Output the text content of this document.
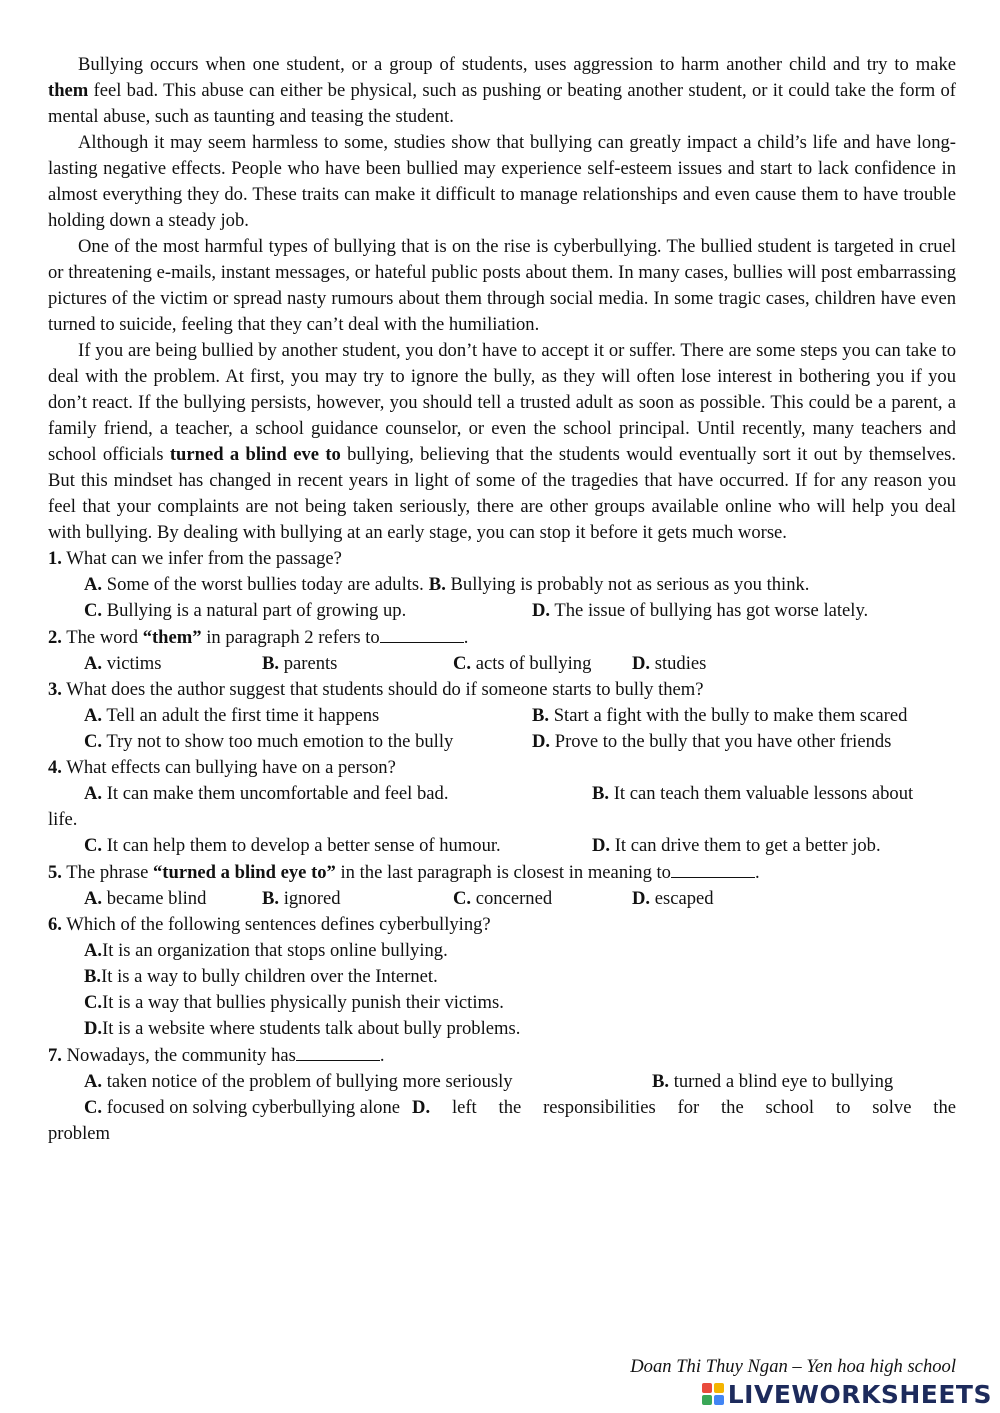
Bullying occurs when one student, or a group of students, uses aggression to harm another child and try to make them feel bad. This abuse can either be physical, such as pushing or beating another student, or it could take the form of mental abuse, such as taunting and teasing the student.

Although it may seem harmless to some, studies show that bullying can greatly impact a child’s life and have long-lasting negative effects. People who have been bullied may experience self-esteem issues and start to lack confidence in almost everything they do. These traits can make it difficult to manage relationships and even cause them to have trouble holding down a steady job.

One of the most harmful types of bullying that is on the rise is cyberbullying. The bullied student is targeted in cruel or threatening e-mails, instant messages, or hateful public posts about them. In many cases, bullies will post embarrassing pictures of the victim or spread nasty rumours about them through social media. In some tragic cases, children have even turned to suicide, feeling that they can’t deal with the humiliation.

If you are being bullied by another student, you don’t have to accept it or suffer. There are some steps you can take to deal with the problem. At first, you may try to ignore the bully, as they will often lose interest in bothering you if you don’t react. If the bullying persists, however, you should tell a trusted adult as soon as possible. This could be a parent, a family friend, a teacher, a school guidance counselor, or even the school principal. Until recently, many teachers and school officials turned a blind eve to bullying, believing that the students would eventually sort it out by themselves. But this mindset has changed in recent years in light of some of the tragedies that have occurred. If for any reason you feel that your complaints are not being taken seriously, there are other groups available online who will help you deal with bullying. By dealing with bullying at an early stage, you can stop it before it gets much worse.

1. What can we infer from the passage?

A. Some of the worst bullies today are adults. B. Bullying is probably not as serious as you think.
C. Bullying is a natural part of growing up.	D. The issue of bullying has got worse lately.

2. The word “them” in paragraph 2 refers to	.

A. victims	B. parents	C. acts of bullying	D. studies

3. What does the author suggest that students should do if someone starts to bully them?

A. Tell an adult the first time it happens	B. Start a fight with the bully to make them scared
C. Try not to show too much emotion to the bully	D. Prove to the bully that you have other friends

4. What effects can bullying have on a person?

A. It can make them uncomfortable and feel bad.	B. It can teach them valuable lessons about

life.

C. It can help them to develop a better sense of humour.	D. It can drive them to get a better job.

5. The phrase “turned a blind eye to” in the last paragraph is closest in meaning to	.

A. became blind	B. ignored	C. concerned	D. escaped

6. Which of the following sentences defines cyberbullying?

A. It is an organization that stops online bullying.
B. It is a way to bully children over the Internet.
C. It is a way that bullies physically punish their victims.
D. It is a website where students talk about bully problems.

7. Nowadays, the community has	.

A. taken notice of the problem of bullying more seriously	B. turned a blind eye to bullying
C. focused on solving cyberbullying alone D. left the responsibilities for the school to solve the

problem

Doan Thi Thuy Ngan – Yen hoa high school
LIVEWORKSHEETS
